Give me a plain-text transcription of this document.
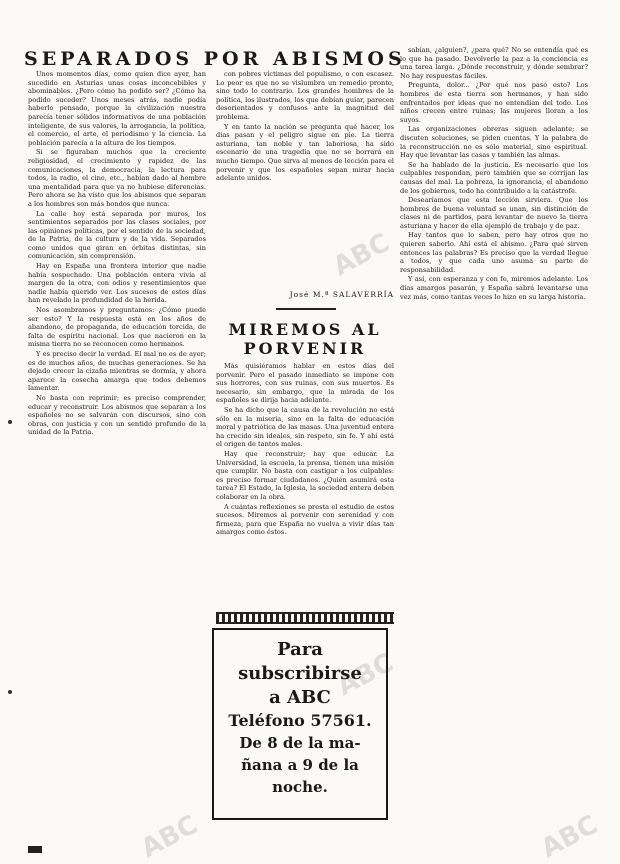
SEPARADOS POR ABISMOS

Unos momentos días, como quien dice ayer, han sucedido en Asturias unas cosas inconcebibles y abominables. ¿Pero cómo ha podido ser? ¿Cómo ha podido suceder? Unos meses atrás, nadie podía haberlo pensado, porque la civilización nuestra parecía tener sólidos informativos de una población inteligente, de sus valores, la arrogancia, la política, el comercio, el arte, el periodismo y la ciencia. La población parecía a la altura de los tiempos.

Si se figuraban muchos que la creciente religiosidad, el crecimiento y rapidez de las comunicaciones, la democracia, la lectura para todos, la radio, el cine, etc., habían dado al hombre una mentalidad para que ya no hubiese diferencias. Pero ahora se ha visto que los abismos que separan a los hombres son más hondos que nunca.

La calle hoy está separada por muros, los sentimientos separados por las clases sociales, por las opiniones políticas, por el sentido de la sociedad, de la Patria, de la cultura y de la vida. Separados como unidos que giran en órbitas distintas, sin comunicación, sin comprensión.

Hay en España una frontera interior que nadie había sospechado. Una población entera vivía al margen de la otra, con odios y resentimientos que nadie había querido ver. Los sucesos de estos días han revelado la profundidad de la herida.

Nos asombramos y preguntamos: ¿Cómo puede ser esto? Y la respuesta está en los años de abandono, de propaganda, de educación torcida, de falta de espíritu nacional. Los que nacieron en la misma tierra no se reconocen como hermanos.

Y es preciso decir la verdad. El mal no es de ayer; es de muchos años, de muchas generaciones. Se ha dejado crecer la cizaña mientras se dormía, y ahora aparece la cosecha amarga que todos debemos lamentar.

No basta con reprimir; es preciso comprender, educar y reconstruir. Los abismos que separan a los españoles no se salvarán con discursos, sino con obras, con justicia y con un sentido profundo de la unidad de la Patria.

con pobres víctimas del populismo, o con escasez. Lo peor es que no se vislumbra un remedio pronto, sino todo lo contrario. Los grandes hombres de la política, los ilustrados, los que debían guiar, parecen desorientados y confusos ante la magnitud del problema.

Y en tanto la nación se pregunta qué hacer, los días pasan y el peligro sigue en pie. La tierra asturiana, tan noble y tan laboriosa, ha sido escenario de una tragedia que no se borrará en mucho tiempo. Que sirva al menos de lección para el porvenir y que los españoles sepan mirar hacia adelante unidos.

José M.ª SALAVERRÍA
MIREMOS AL PORVENIR

Más quisiéramos hablar en estos días del porvenir. Pero el pasado inmediato se impone con sus horrores, con sus ruinas, con sus muertos. Es necesario, sin embargo, que la mirada de los españoles se dirija hacia adelante.

Se ha dicho que la causa de la revolución no está sólo en la miseria, sino en la falta de educación moral y patriótica de las masas. Una juventud entera ha crecido sin ideales, sin respeto, sin fe. Y ahí está el origen de tantos males.

Hay que reconstruir; hay que educar. La Universidad, la escuela, la prensa, tienen una misión que cumplir. No basta con castigar a los culpables: es preciso formar ciudadanos. ¿Quién asumirá esta tarea? El Estado, la Iglesia, la sociedad entera deben colaborar en la obra.

A cuántas reflexiones se presta el estudio de estos sucesos. Miremos al porvenir con serenidad y con firmeza, para que España no vuelva a vivir días tan amargos como éstos.

Para subscribirse
a ABC
Teléfono 57561.
De 8 de la ma-
ñana a 9 de la
noche.

sabían, ¿alguien?, ¿para qué? No se entendía qué es lo que ha pasado. Devolverle la paz a la conciencia es una tarea larga. ¿Dónde reconstruir, y dónde sembrar? No hay respuestas fáciles.

Pregunta, dolor... ¿Por qué nos pasó esto? Los hombres de esta tierra son hermanos, y han sido enfrentados por ideas que no entendían del todo. Los niños crecen entre ruinas; las mujeres lloran a los suyos.

Las organizaciones obreras siguen adelante; se discuten soluciones, se piden cuentas. Y la palabra de la reconstrucción no es sólo material, sino espiritual. Hay que levantar las casas y también las almas.

Se ha hablado de la justicia. Es necesario que los culpables respondan, pero también que se corrijan las causas del mal. La pobreza, la ignorancia, el abandono de los gobiernos, todo ha contribuido a la catástrofe.

Desearíamos que esta lección sirviera. Que los hombres de buena voluntad se unan, sin distinción de clases ni de partidos, para levantar de nuevo la tierra asturiana y hacer de ella ejemplo de trabajo y de paz.

Hay tantos que lo saben, pero hay otros que no quieren saberlo. Ahí está el abismo. ¿Para qué sirven entonces las palabras? Es preciso que la verdad llegue a todos, y que cada uno asuma su parte de responsabilidad.

Y así, con esperanza y con fe, miremos adelante. Los días amargos pasarán, y España sabrá levantarse una vez más, como tantas veces lo hizo en su larga historia.

ABC
ABC
ABC	ABC
